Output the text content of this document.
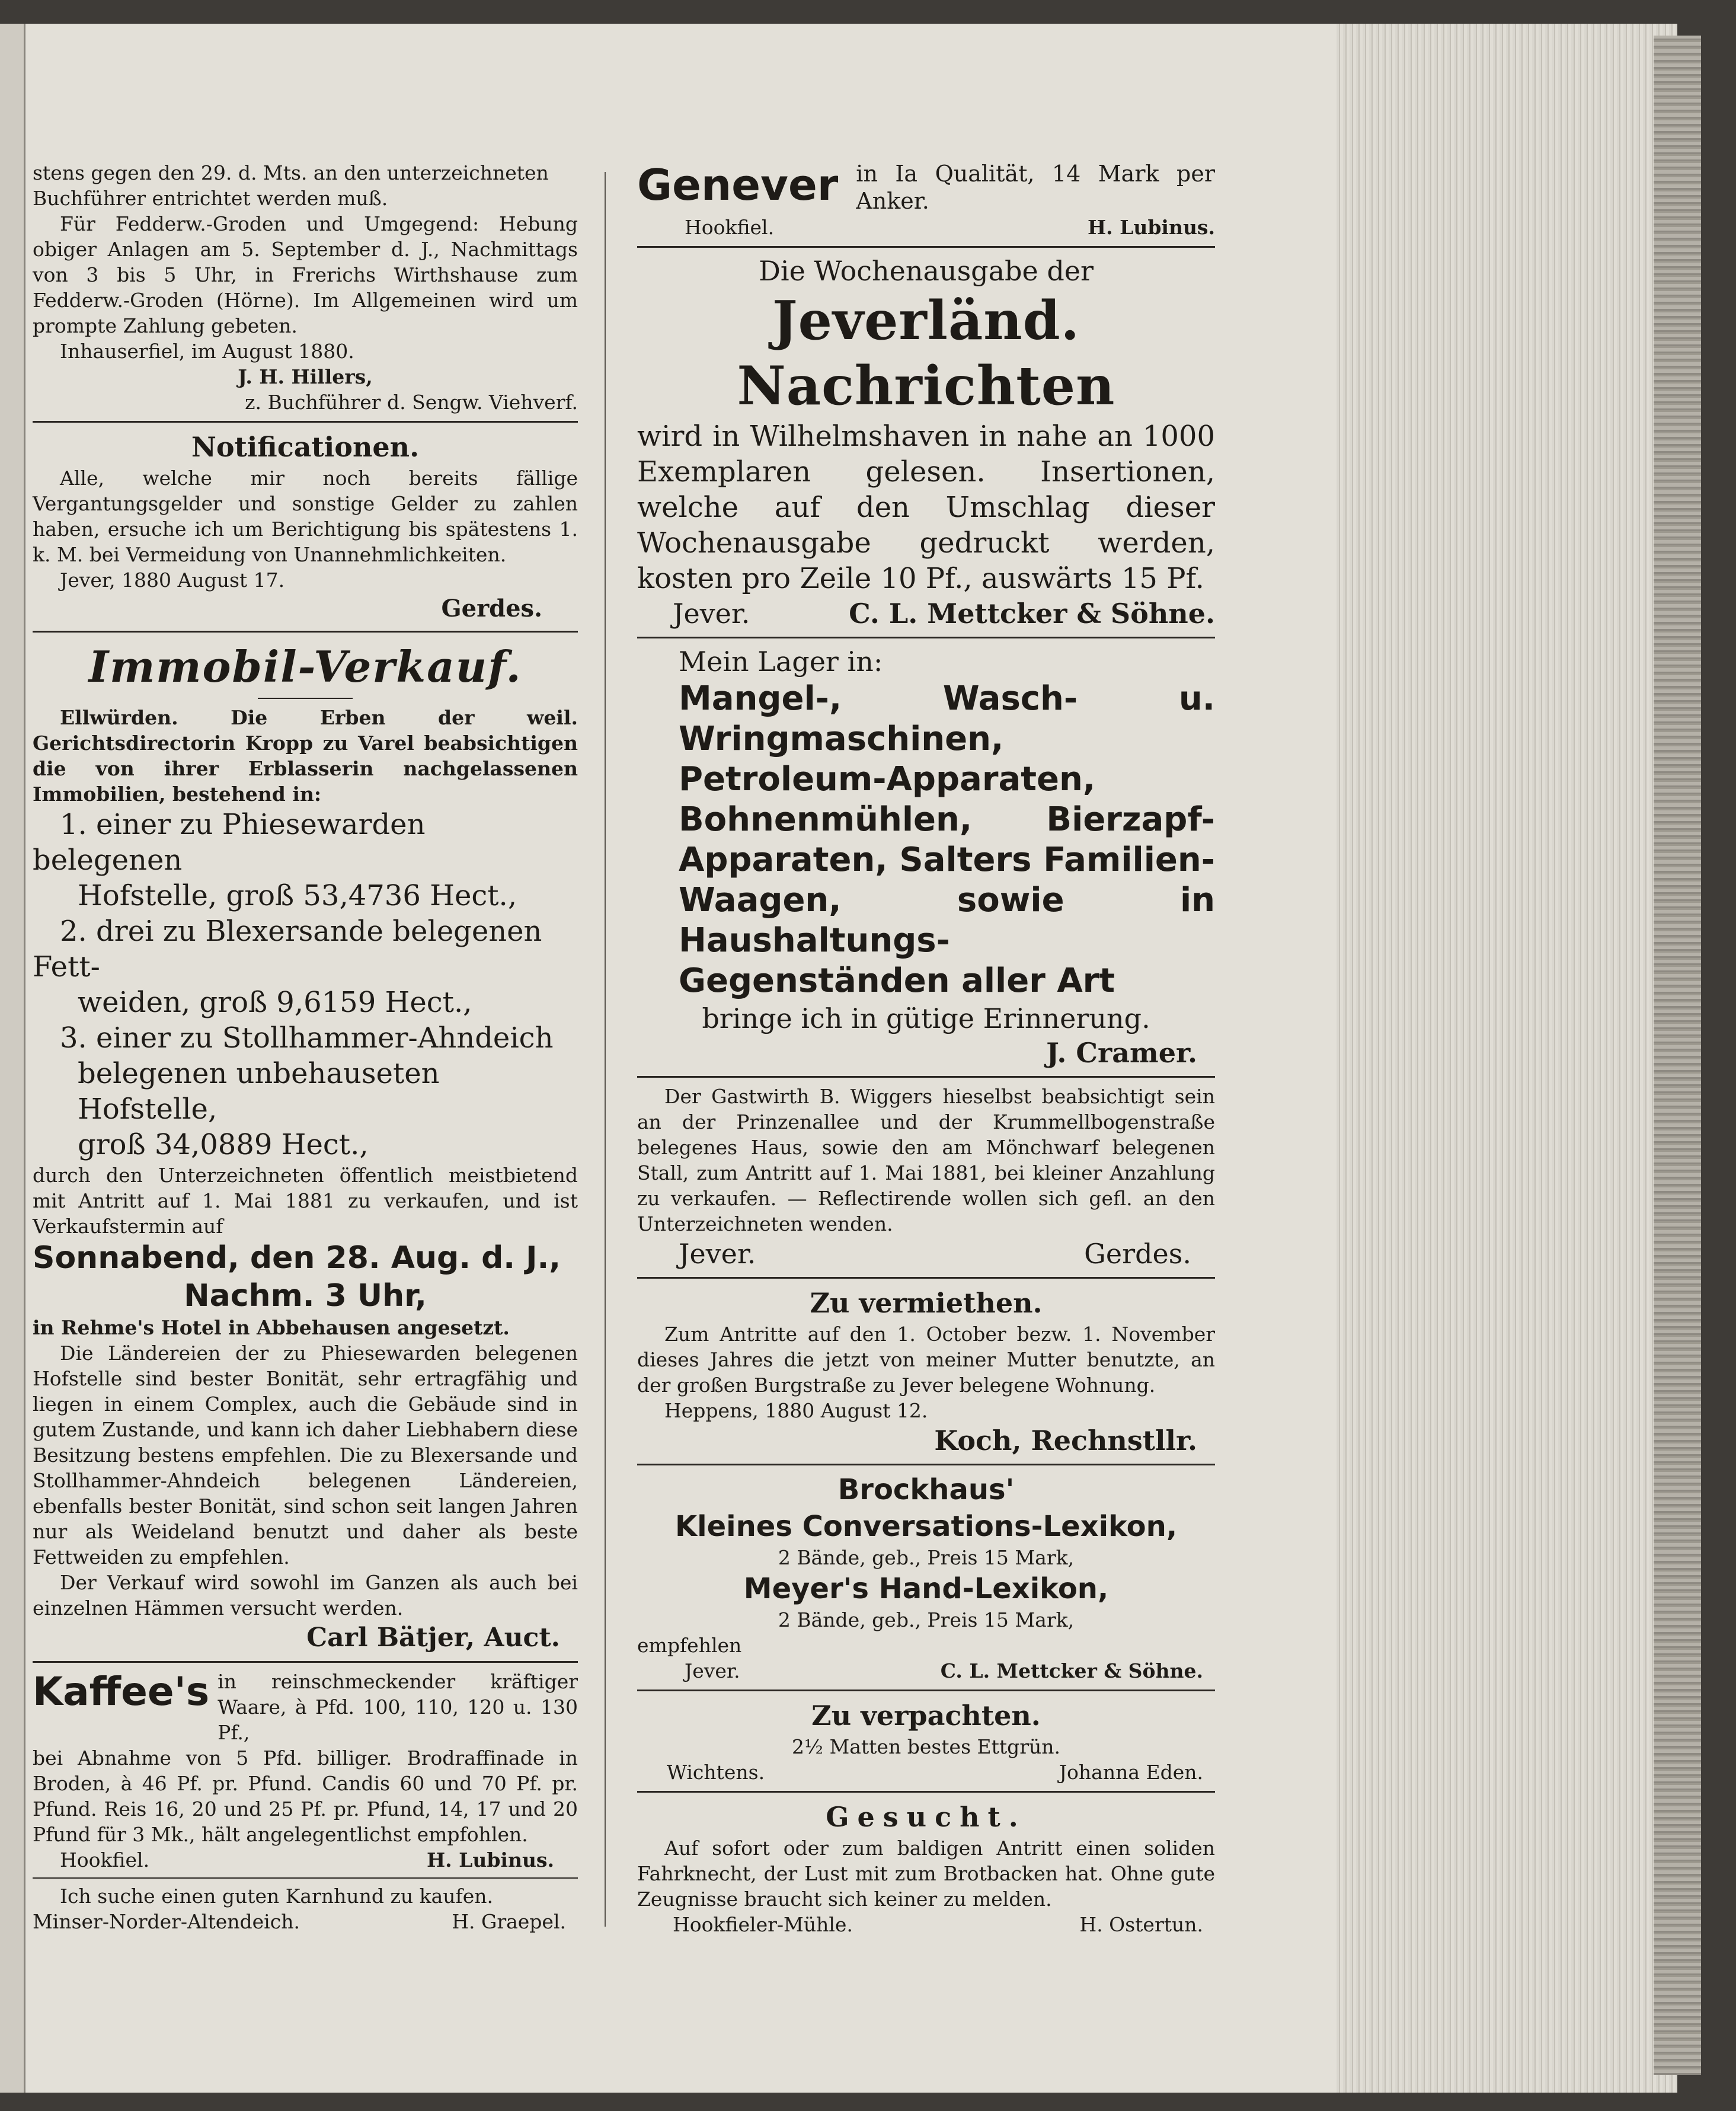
stens gegen den 29. d. Mts. an den unterzeichneten

Buchführer entrichtet werden muß.

Für Fedderw.-Groden und Umgegend: Hebung obiger Anlagen am 5. September d. J., Nachmittags von 3 bis 5 Uhr, in Frerichs Wirthshause zum Fedderw.-Groden (Hörne). Im Allgemeinen wird um prompte Zahlung gebeten.

Inhauserfiel, im August 1880.

J. H. Hillers,

z. Buchführer d. Sengw. Viehverf.

Notificationen.

Alle, welche mir noch bereits fällige Vergantungsgelder und sonstige Gelder zu zahlen haben, ersuche ich um Berichtigung bis spätestens 1. k. M. bei Vermeidung von Unannehmlichkeiten.

Jever, 1880 August 17.

Gerdes.

Immobil-Verkauf.

Ellwürden. Die Erben der weil. Gerichtsdirectorin Kropp zu Varel beabsichtigen die von ihrer Erblasserin nachgelassenen Immobilien, bestehend in:

1. einer zu Phiesewarden belegenen
Hofstelle, groß 53,4736 Hect.,
2. drei zu Blexersande belegenen Fett-
weiden, groß 9,6159 Hect.,
3. einer zu Stollhammer-Ahndeich
belegenen unbehauseten Hofstelle,
groß 34,0889 Hect.,

durch den Unterzeichneten öffentlich meistbietend mit Antritt auf 1. Mai 1881 zu verkaufen, und ist Verkaufstermin auf

Sonnabend, den 28. Aug. d. J.,
Nachm. 3 Uhr,

in Rehme's Hotel in Abbehausen angesetzt.

Die Ländereien der zu Phiesewarden belegenen Hofstelle sind bester Bonität, sehr ertragfähig und liegen in einem Complex, auch die Gebäude sind in gutem Zustande, und kann ich daher Liebhabern diese Besitzung bestens empfehlen. Die zu Blexersande und Stollhammer-Ahndeich belegenen Ländereien, ebenfalls bester Bonität, sind schon seit langen Jahren nur als Weideland benutzt und daher als beste Fettweiden zu empfehlen.

Der Verkauf wird sowohl im Ganzen als auch bei einzelnen Hämmen versucht werden.

Carl Bätjer, Auct.

Kaffee's in reinschmeckender kräftiger Waare, à Pfd. 100, 110, 120 u. 130 Pf.,

bei Abnahme von 5 Pfd. billiger. Brodraffinade in Broden, à 46 Pf. pr. Pfund. Candis 60 und 70 Pf. pr. Pfund. Reis 16, 20 und 25 Pf. pr. Pfund, 14, 17 und 20 Pfund für 3 Mk., hält angelegentlichst empfohlen.

Hookfiel.	H. Lubinus.

Ich suche einen guten Karnhund zu kaufen.

Minser-Norder-Altendeich.	H. Graepel.
Genever in Ia Qualität, 14 Mark per Anker.

Hookfiel.	H. Lubinus.
Die Wochenausgabe der
Jeverländ. Nachrichten

wird in Wilhelmshaven in nahe an 1000 Exemplaren gelesen. Insertionen, welche auf den Umschlag dieser Wochenausgabe gedruckt werden, kosten pro Zeile 10 Pf., auswärts 15 Pf.

Jever.	C. L. Mettcker & Söhne.
Mein Lager in:

Mangel-, Wasch- u. Wringmaschinen, Petroleum-Apparaten, Bohnenmühlen, Bierzapf-Apparaten, Salters Familien-Waagen, sowie in Haushaltungs-Gegenständen aller Art

bringe ich in gütige Erinnerung.
J. Cramer.

Der Gastwirth B. Wiggers hieselbst beabsichtigt sein an der Prinzenallee und der Krummellbogenstraße belegenes Haus, sowie den am Mönchwarf belegenen Stall, zum Antritt auf 1. Mai 1881, bei kleiner Anzahlung zu verkaufen. — Reflectirende wollen sich gefl. an den Unterzeichneten wenden.

Jever.	Gerdes.
Zu vermiethen.

Zum Antritte auf den 1. October bezw. 1. November dieses Jahres die jetzt von meiner Mutter benutzte, an der großen Burgstraße zu Jever belegene Wohnung.

Heppens, 1880 August 12.

Koch, Rechnstllr.
Brockhaus'
Kleines Conversations-Lexikon,
2 Bände, geb., Preis 15 Mark,
Meyer's Hand-Lexikon,
2 Bände, geb., Preis 15 Mark,
empfehlen
Jever.	C. L. Mettcker & Söhne.
Zu verpachten.
2½ Matten bestes Ettgrün.
Wichtens.	Johanna Eden.
Gesucht.

Auf sofort oder zum baldigen Antritt einen soliden Fahrknecht, der Lust mit zum Brotbacken hat. Ohne gute Zeugnisse braucht sich keiner zu melden.

Hookfieler-Mühle.	H. Ostertun.
